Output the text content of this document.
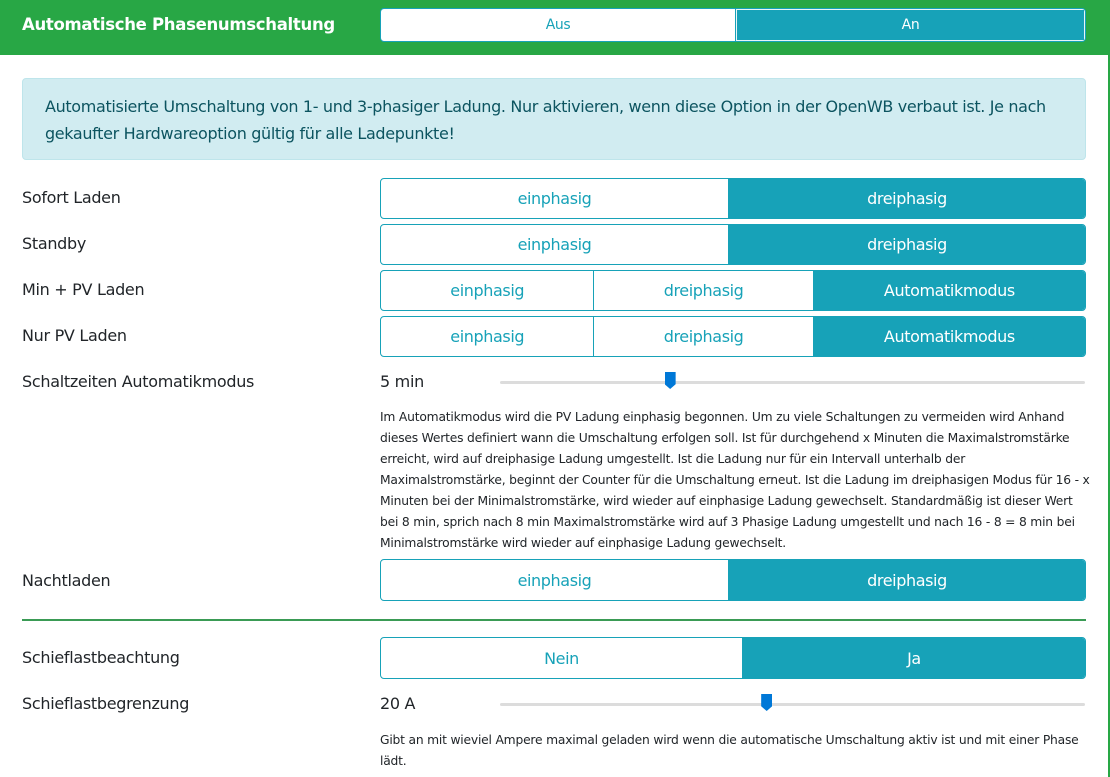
Automatische Phasenumschaltung	Aus	An
Automatisierte Umschaltung von 1- und 3-phasiger Ladung. Nur aktivieren, wenn diese Option in der OpenWB verbaut ist. Je nach gekaufter Hardwareoption gültig für alle Ladepunkte!
Sofort Laden	einphasig	dreiphasig
Standby	einphasig	dreiphasig
Min + PV Laden	einphasig	dreiphasig	Automatikmodus
Nur PV Laden	einphasig	dreiphasig	Automatikmodus
Schaltzeiten Automatikmodus	5 min
Im Automatikmodus wird die PV Ladung einphasig begonnen. Um zu viele Schaltungen zu vermeiden wird Anhand dieses Wertes definiert wann die Umschaltung erfolgen soll. Ist für durchgehend x Minuten die Maximalstromstärke erreicht, wird auf dreiphasige Ladung umgestellt. Ist die Ladung nur für ein Intervall unterhalb der Maximalstromstärke, beginnt der Counter für die Umschaltung erneut. Ist die Ladung im dreiphasigen Modus für 16 - x Minuten bei der Minimalstromstärke, wird wieder auf einphasige Ladung gewechselt. Standardmäßig ist dieser Wert bei 8 min, sprich nach 8 min Maximalstromstärke wird auf 3 Phasige Ladung umgestellt und nach 16 - 8 = 8 min bei Minimalstromstärke wird wieder auf einphasige Ladung gewechselt.
Nachtladen	einphasig	dreiphasig
Schieflastbeachtung	Nein	Ja
Schieflastbegrenzung	20 A
Gibt an mit wieviel Ampere maximal geladen wird wenn die automatische Umschaltung aktiv ist und mit einer Phase lädt.
